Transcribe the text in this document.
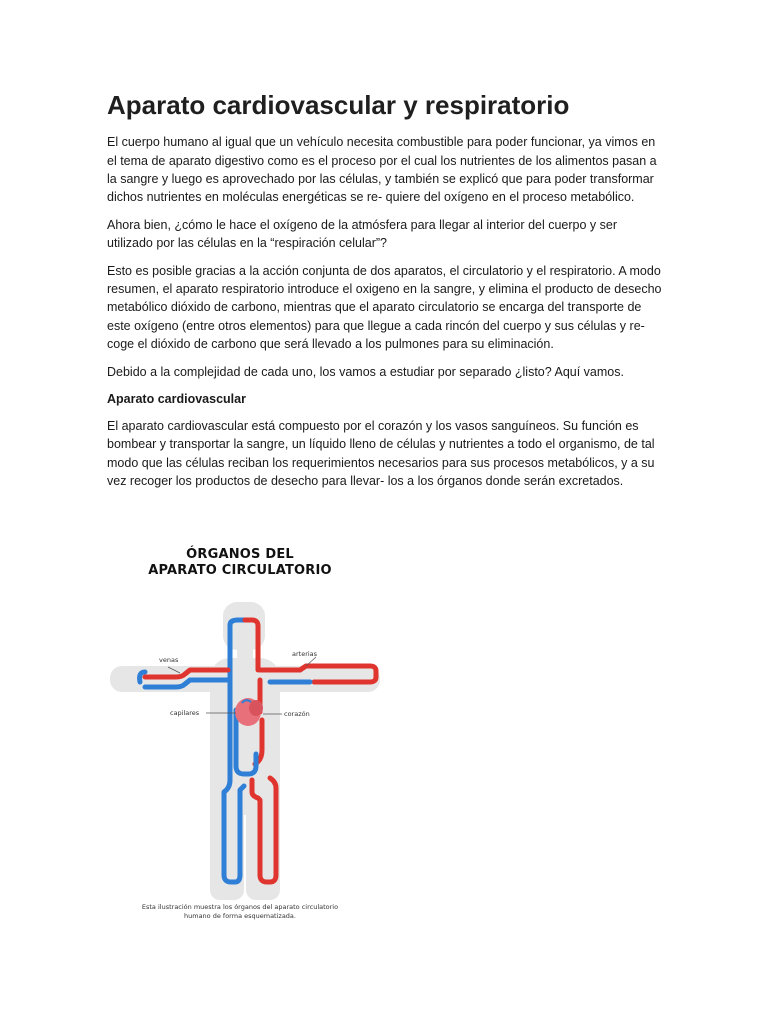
Aparato cardiovascular y respiratorio

El cuerpo humano al igual que un vehículo necesita combustible para poder funcionar, ya vimos en el tema de aparato digestivo como es el proceso por el cual los nutrientes de los alimentos pasan a la sangre y luego es aprovechado por las células, y también se explicó que para poder transformar dichos nutrientes en moléculas energéticas se re- quiere del oxígeno en el proceso metabólico.

Ahora bien, ¿cómo le hace el oxígeno de la atmósfera para llegar al interior del cuerpo y ser utilizado por las células en la “respiración celular”?

Esto es posible gracias a la acción conjunta de dos aparatos, el circulatorio y el respiratorio. A modo resumen, el aparato respiratorio introduce el oxigeno en la sangre, y elimina el producto de desecho metabólico dióxido de carbono, mientras que el aparato circulatorio se encarga del transporte de este oxígeno (entre otros elementos) para que llegue a cada rincón del cuerpo y sus células y re- coge el dióxido de carbono que será llevado a los pulmones para su eliminación.

Debido a la complejidad de cada uno, los vamos a estudiar por separado ¿listo? Aquí vamos.

Aparato cardiovascular

El aparato cardiovascular está compuesto por el corazón y los vasos sanguíneos. Su función es bombear y transportar la sangre, un líquido lleno de células y nutrientes a todo el organismo, de tal modo que las células reciban los requerimientos necesarios para sus procesos metabólicos, y a su vez recoger los productos de desecho para llevar- los a los órganos donde serán excretados.

ÓRGANOS DEL
APARATO CIRCULATORIO
venas
arterias
capilares	corazón
Esta ilustración muestra los órganos del aparato circulatorio humano de forma esquematizada.
